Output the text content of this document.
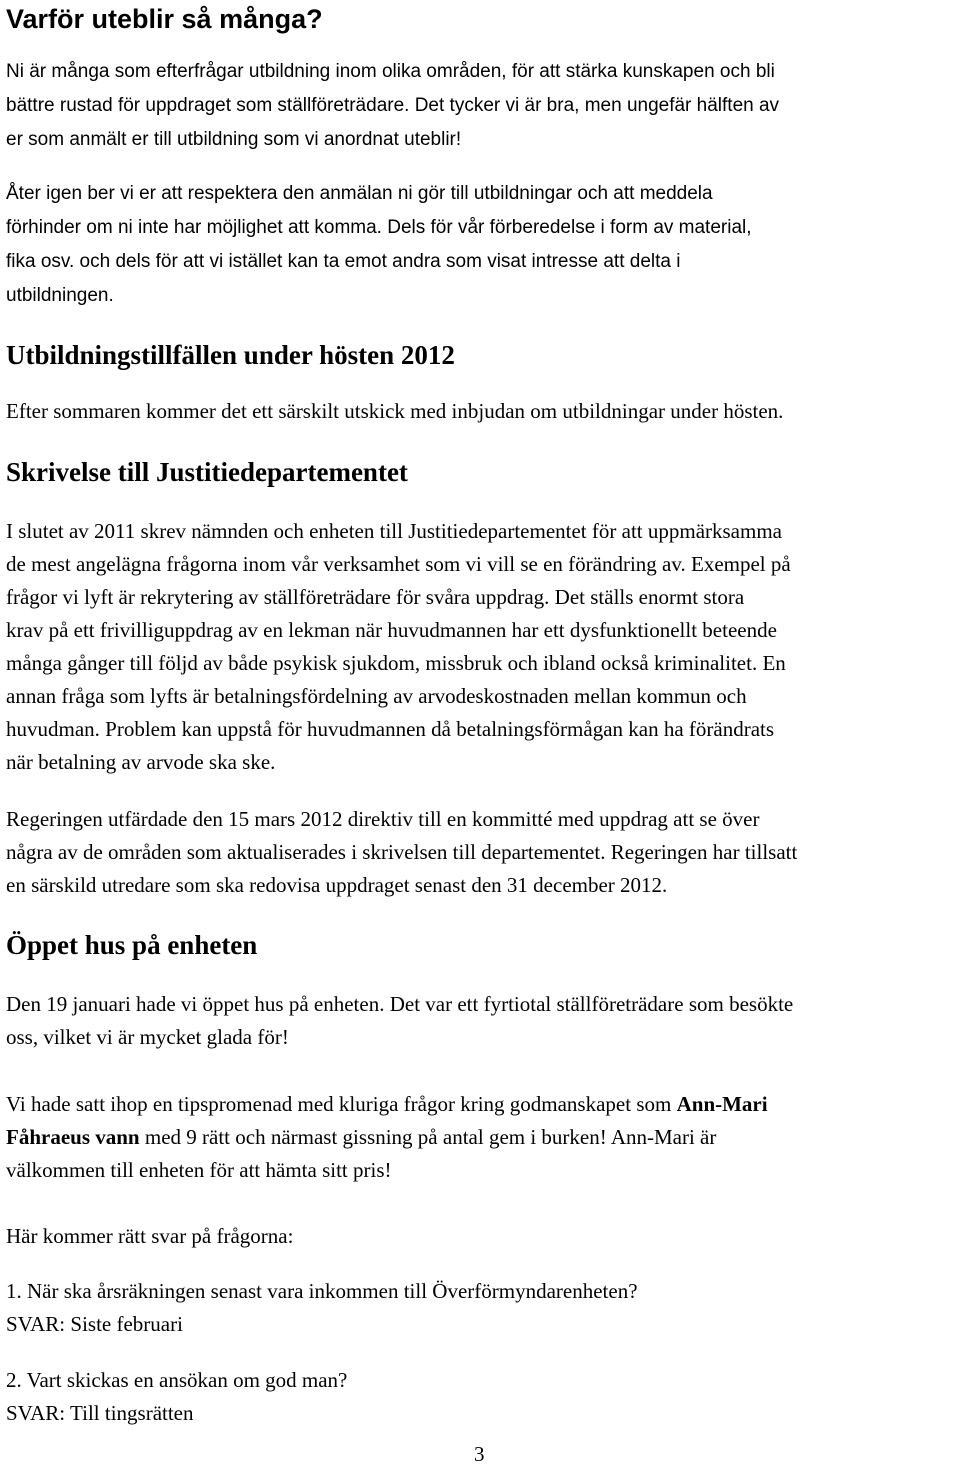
Varför uteblir så många?

Ni är många som efterfrågar utbildning inom olika områden, för att stärka kunskapen och bli
bättre rustad för uppdraget som ställföreträdare. Det tycker vi är bra, men ungefär hälften av
er som anmält er till utbildning som vi anordnat uteblir!

Åter igen ber vi er att respektera den anmälan ni gör till utbildningar och att meddela
förhinder om ni inte har möjlighet att komma. Dels för vår förberedelse i form av material,
fika osv. och dels för att vi istället kan ta emot andra som visat intresse att delta i
utbildningen.

Utbildningstillfällen under hösten 2012

Efter sommaren kommer det ett särskilt utskick med inbjudan om utbildningar under hösten.

Skrivelse till Justitiedepartementet

I slutet av 2011 skrev nämnden och enheten till Justitiedepartementet för att uppmärksamma
de mest angelägna frågorna inom vår verksamhet som vi vill se en förändring av. Exempel på
frågor vi lyft är rekrytering av ställföreträdare för svåra uppdrag. Det ställs enormt stora
krav på ett frivilliguppdrag av en lekman när huvudmannen har ett dysfunktionellt beteende
många gånger till följd av både psykisk sjukdom, missbruk och ibland också kriminalitet. En
annan fråga som lyfts är betalningsfördelning av arvodeskostnaden mellan kommun och
huvudman. Problem kan uppstå för huvudmannen då betalningsförmågan kan ha förändrats
när betalning av arvode ska ske.

Regeringen utfärdade den 15 mars 2012 direktiv till en kommitté med uppdrag att se över
några av de områden som aktualiserades i skrivelsen till departementet. Regeringen har tillsatt
en särskild utredare som ska redovisa uppdraget senast den 31 december 2012.

Öppet hus på enheten

Den 19 januari hade vi öppet hus på enheten. Det var ett fyrtiotal ställföreträdare som besökte
oss, vilket vi är mycket glada för!

Vi hade satt ihop en tipspromenad med kluriga frågor kring godmanskapet som Ann-Mari
Fåhraeus vann med 9 rätt och närmast gissning på antal gem i burken! Ann-Mari är
välkommen till enheten för att hämta sitt pris!

Här kommer rätt svar på frågorna:

1. När ska årsräkningen senast vara inkommen till Överförmyndarenheten?
SVAR: Siste februari

2. Vart skickas en ansökan om god man?
SVAR: Till tingsrätten

3
